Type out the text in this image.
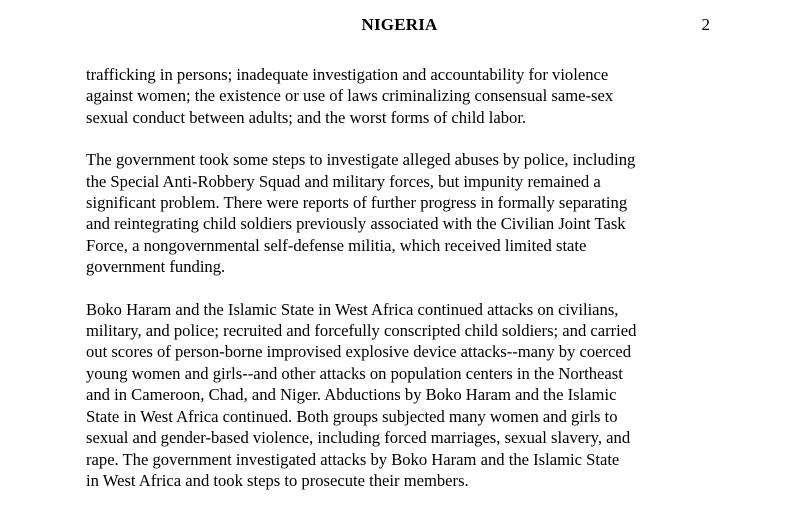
NIGERIA	2

trafficking in persons; inadequate investigation and accountability for violence
against women; the existence or use of laws criminalizing consensual same-sex
sexual conduct between adults; and the worst forms of child labor.

The government took some steps to investigate alleged abuses by police, including
the Special Anti-Robbery Squad and military forces, but impunity remained a
significant problem. There were reports of further progress in formally separating
and reintegrating child soldiers previously associated with the Civilian Joint Task
Force, a nongovernmental self-defense militia, which received limited state
government funding.

Boko Haram and the Islamic State in West Africa continued attacks on civilians,
military, and police; recruited and forcefully conscripted child soldiers; and carried
out scores of person-borne improvised explosive device attacks--many by coerced
young women and girls--and other attacks on population centers in the Northeast
and in Cameroon, Chad, and Niger. Abductions by Boko Haram and the Islamic
State in West Africa continued. Both groups subjected many women and girls to
sexual and gender-based violence, including forced marriages, sexual slavery, and
rape. The government investigated attacks by Boko Haram and the Islamic State
in West Africa and took steps to prosecute their members.
